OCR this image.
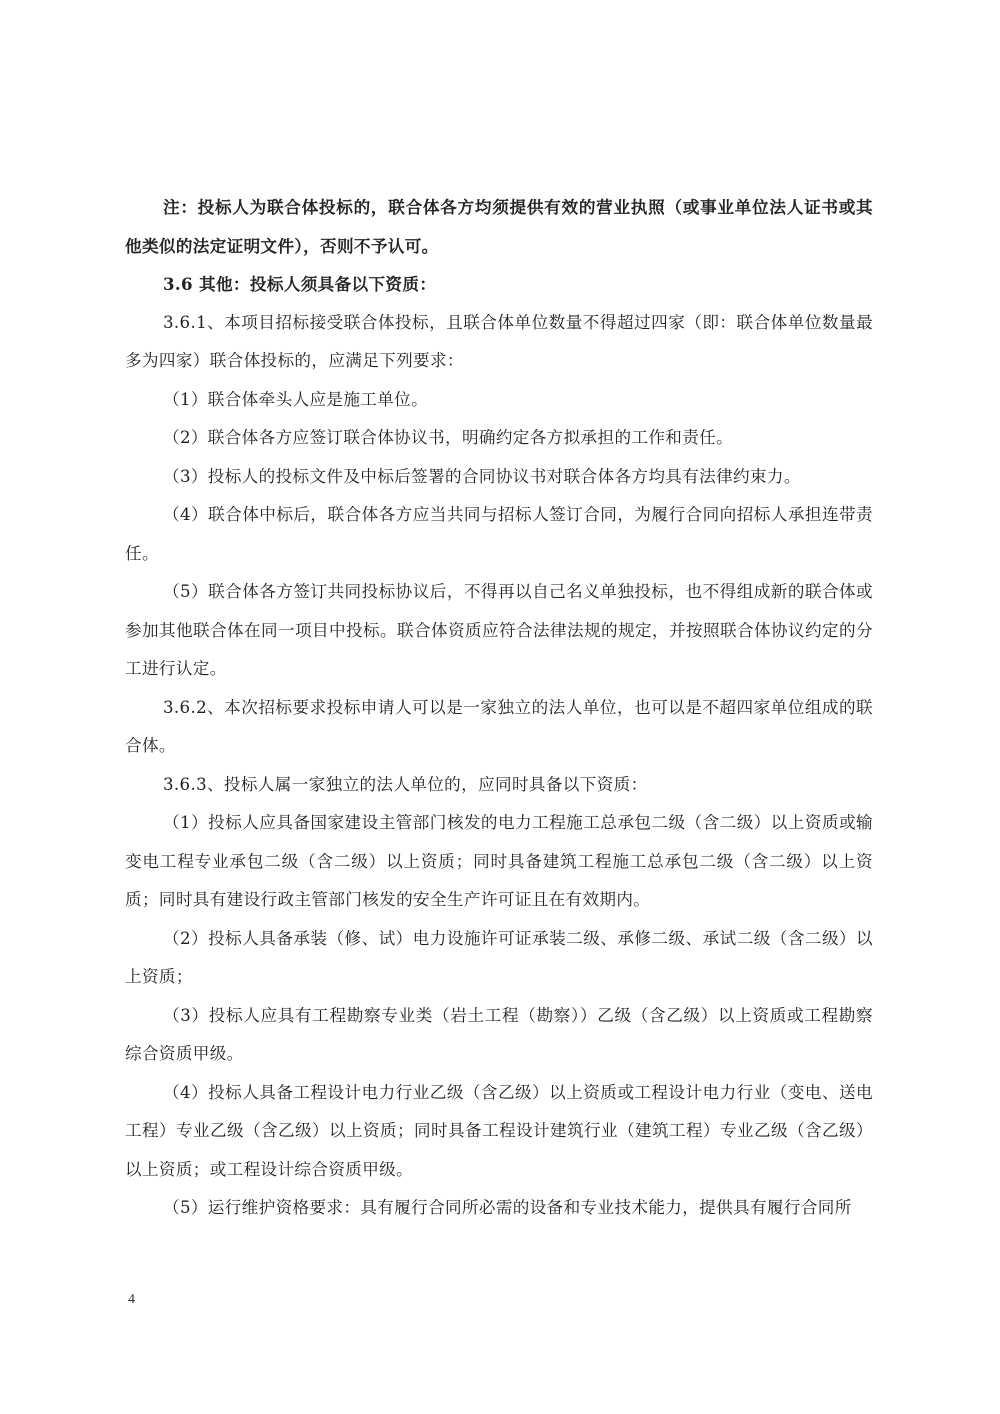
注：投标人为联合体投标的，联合体各方均须提供有效的营业执照（或事业单位法人证书或其他类似的法定证明文件），否则不予认可。

3.6 其他：投标人须具备以下资质：

3.6.1、本项目招标接受联合体投标，且联合体单位数量不得超过四家（即：联合体单位数量最多为四家）联合体投标的，应满足下列要求：

（1）联合体牵头人应是施工单位。

（2）联合体各方应签订联合体协议书，明确约定各方拟承担的工作和责任。

（3）投标人的投标文件及中标后签署的合同协议书对联合体各方均具有法律约束力。

（4）联合体中标后，联合体各方应当共同与招标人签订合同，为履行合同向招标人承担连带责任。

（5）联合体各方签订共同投标协议后，不得再以自己名义单独投标，也不得组成新的联合体或参加其他联合体在同一项目中投标。联合体资质应符合法律法规的规定，并按照联合体协议约定的分工进行认定。

3.6.2、本次招标要求投标申请人可以是一家独立的法人单位，也可以是不超四家单位组成的联合体。

3.6.3、投标人属一家独立的法人单位的，应同时具备以下资质：

（1）投标人应具备国家建设主管部门核发的电力工程施工总承包二级（含二级）以上资质或输变电工程专业承包二级（含二级）以上资质；同时具备建筑工程施工总承包二级（含二级）以上资质；同时具有建设行政主管部门核发的安全生产许可证且在有效期内。

（2）投标人具备承装（修、试）电力设施许可证承装二级、承修二级、承试二级（含二级）以上资质；

（3）投标人应具有工程勘察专业类（岩土工程（勘察））乙级（含乙级）以上资质或工程勘察综合资质甲级。

（4）投标人具备工程设计电力行业乙级（含乙级）以上资质或工程设计电力行业（变电、送电工程）专业乙级（含乙级）以上资质；同时具备工程设计建筑行业（建筑工程）专业乙级（含乙级）以上资质；或工程设计综合资质甲级。

（5）运行维护资格要求：具有履行合同所必需的设备和专业技术能力，提供具有履行合同所

4
